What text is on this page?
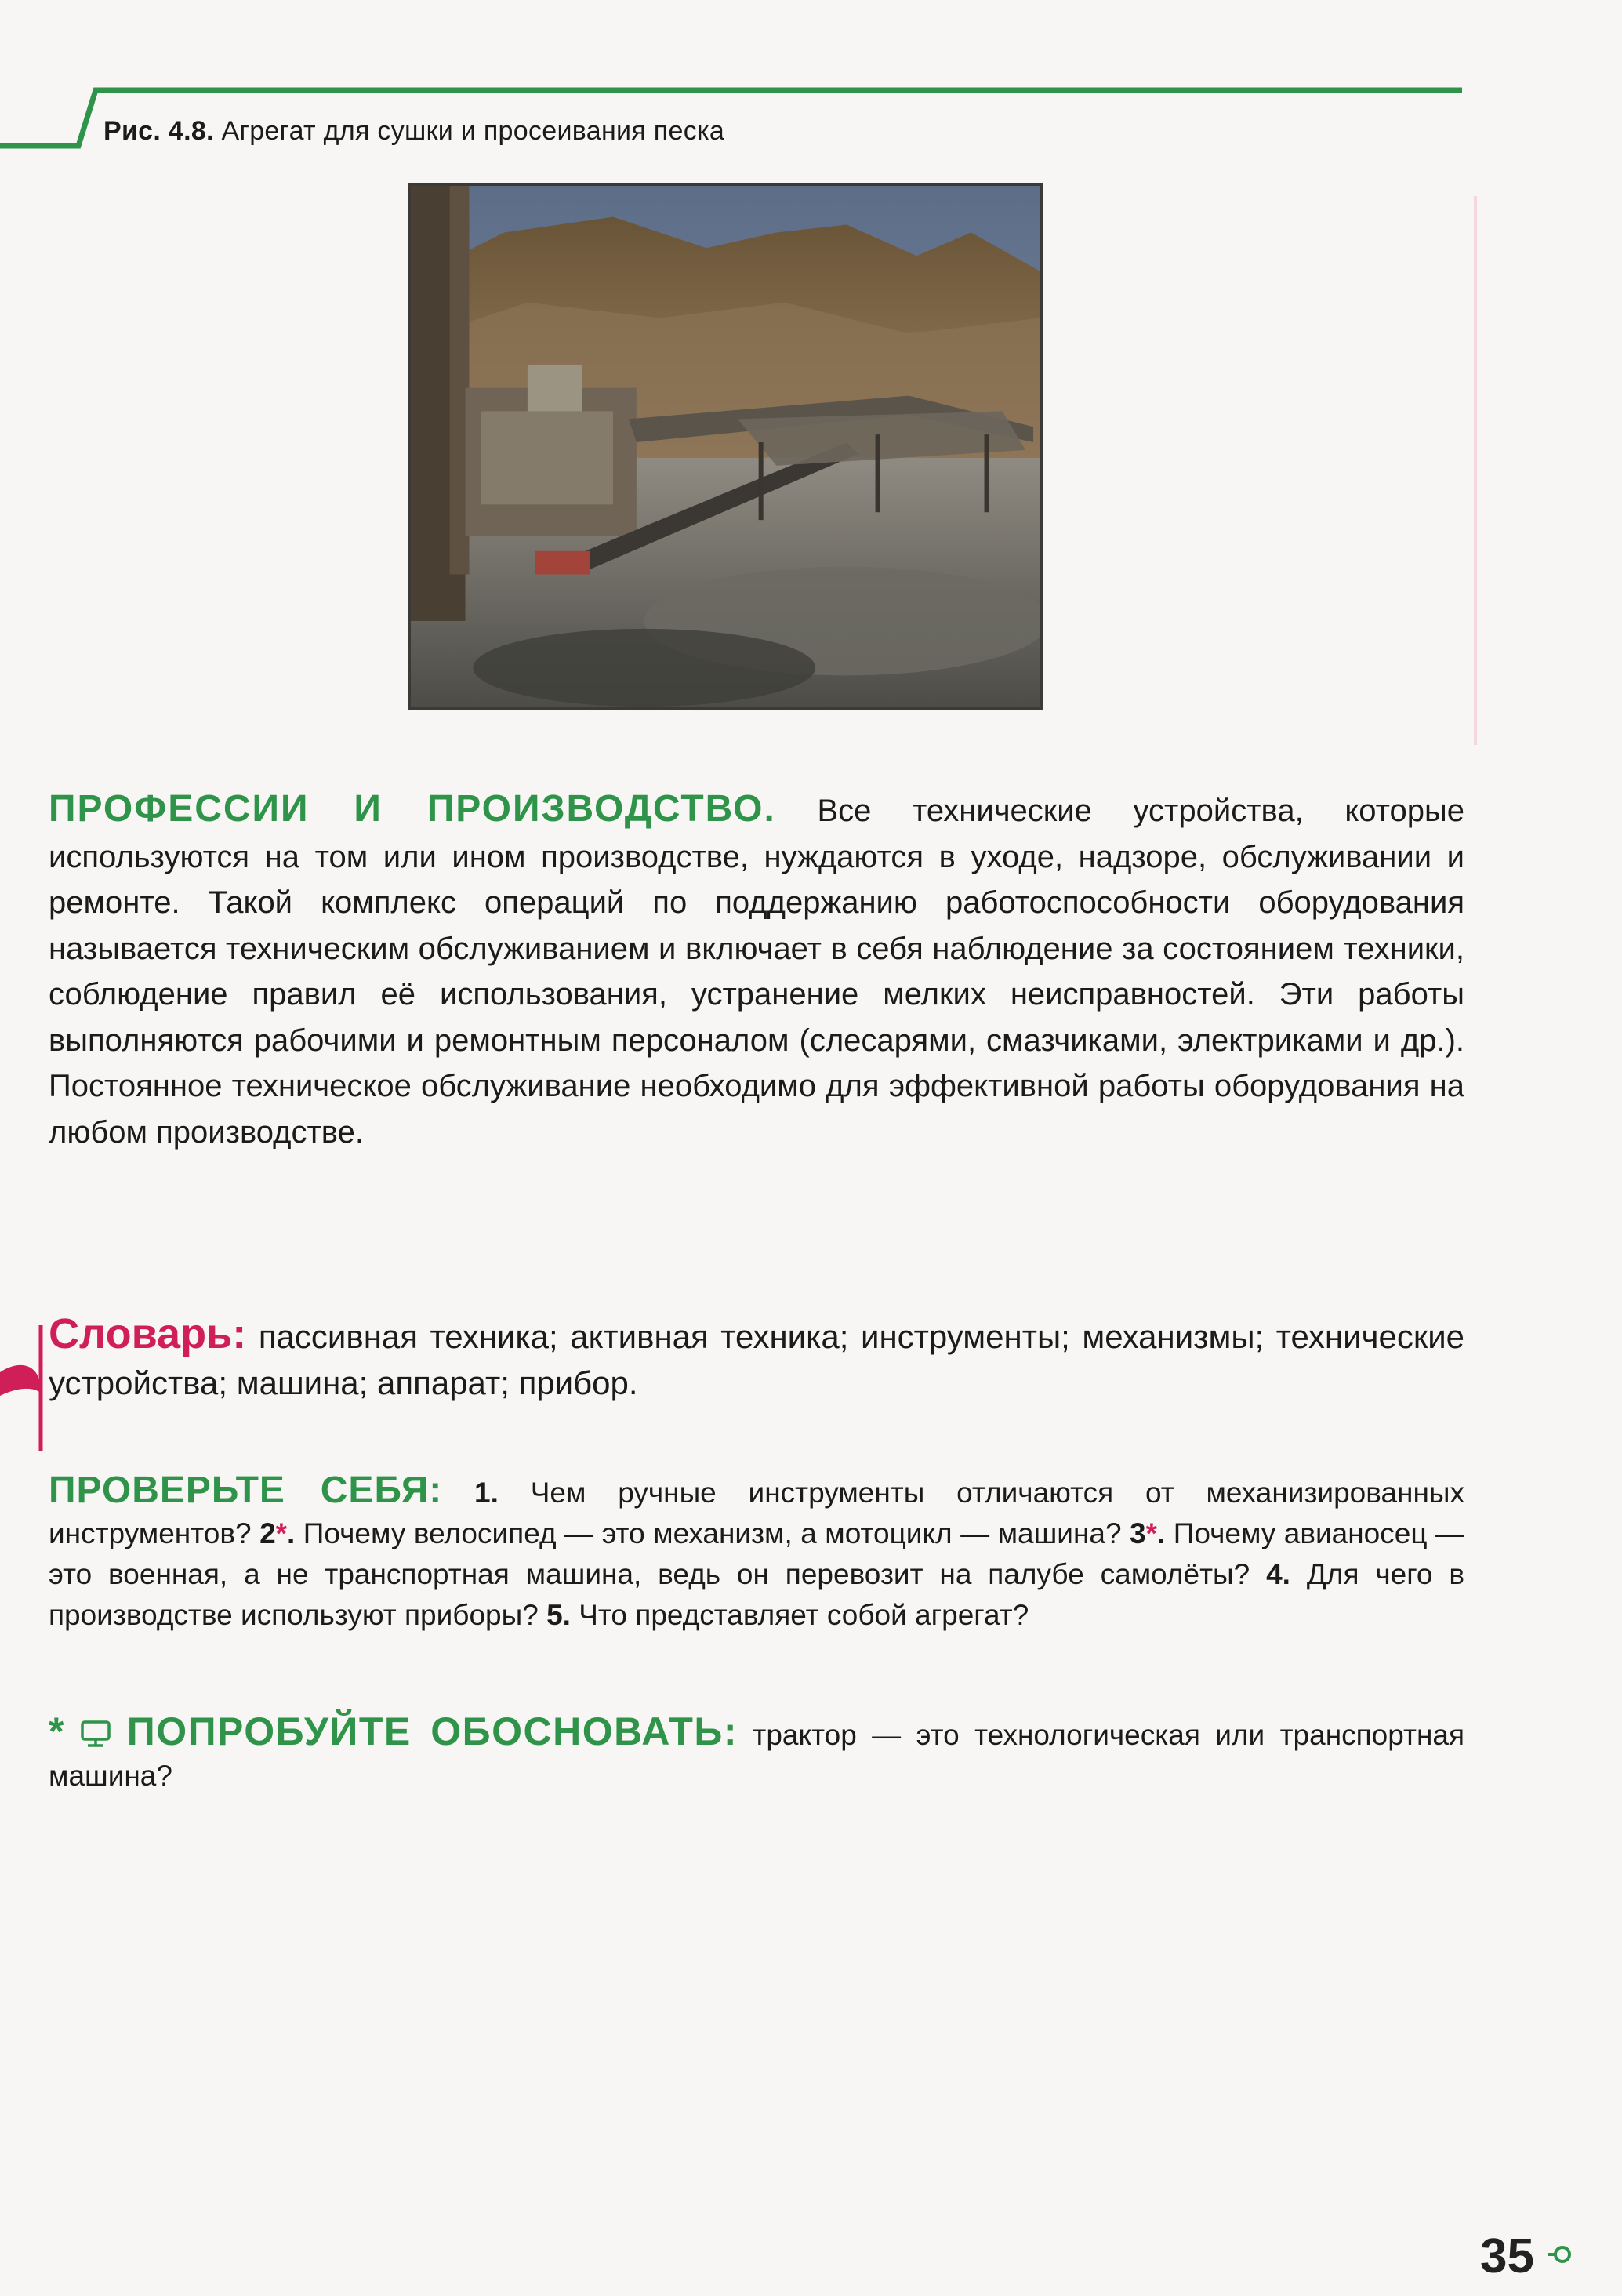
Рис. 4.8. Агрегат для сушки и просеивания песка
ПРОФЕССИИ И ПРОИЗВОДСТВО. Все технические устройства, которые используются на том или ином производстве, нуждаются в уходе, надзоре, обслуживании и ремонте. Такой комплекс операций по поддержанию работоспособности оборудования называется техническим обслуживанием и включает в себя наблюдение за состоянием техники, соблюдение правил её использования, устранение мелких неисправностей. Эти работы выполняются рабочими и ремонтным персоналом (слесарями, смазчиками, электриками и др.). Постоянное техническое обслуживание необходимо для эффективной работы оборудования на любом производстве.
Словарь: пассивная техника; активная техника; инструменты; механизмы; технические устройства; машина; аппарат; прибор.
ПРОВЕРЬТЕ СЕБЯ: 1. Чем ручные инструменты отличаются от механизированных инструментов? 2*. Почему велосипед — это механизм, а мотоцикл — машина? 3*. Почему авианосец — это военная, а не транспортная машина, ведь он перевозит на палубе самолёты? 4. Для чего в производстве используют приборы? 5. Что представляет собой агрегат?
* ПОПРОБУЙТЕ ОБОСНОВАТЬ: трактор — это технологическая или транспортная машина?
35
